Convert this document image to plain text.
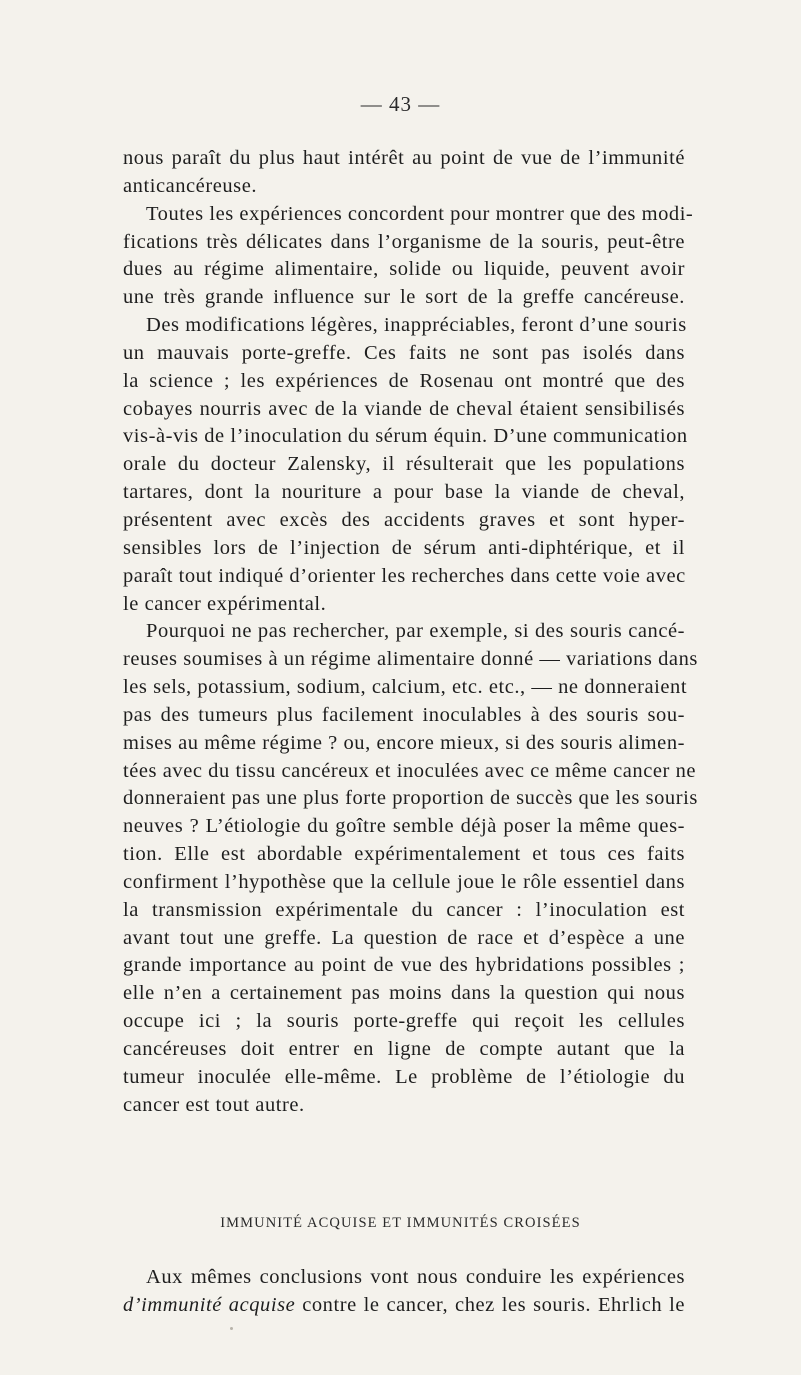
— 43 —
nous paraît du plus haut intérêt au point de vue de l’immunité
anticancéreuse.
Toutes les expériences concordent pour montrer que des modi-
fications très délicates dans l’organisme de la souris, peut-être
dues au régime alimentaire, solide ou liquide, peuvent avoir
une très grande influence sur le sort de la greffe cancéreuse.
Des modifications légères, inappréciables, feront d’une souris
un mauvais porte-greffe. Ces faits ne sont pas isolés dans
la science ; les expériences de Rosenau ont montré que des
cobayes nourris avec de la viande de cheval étaient sensibilisés
vis-à-vis de l’inoculation du sérum équin. D’une communication
orale du docteur Zalensky, il résulterait que les populations
tartares, dont la nouriture a pour base la viande de cheval,
présentent avec excès des accidents graves et sont hyper-
sensibles lors de l’injection de sérum anti-diphtérique, et il
paraît tout indiqué d’orienter les recherches dans cette voie avec
le cancer expérimental.
Pourquoi ne pas rechercher, par exemple, si des souris cancé-
reuses soumises à un régime alimentaire donné — variations dans
les sels, potassium, sodium, calcium, etc. etc., — ne donneraient
pas des tumeurs plus facilement inoculables à des souris sou-
mises au même régime ? ou, encore mieux, si des souris alimen-
tées avec du tissu cancéreux et inoculées avec ce même cancer ne
donneraient pas une plus forte proportion de succès que les souris
neuves ? L’étiologie du goître semble déjà poser la même ques-
tion. Elle est abordable expérimentalement et tous ces faits
confirment l’hypothèse que la cellule joue le rôle essentiel dans
la transmission expérimentale du cancer : l’inoculation est
avant tout une greffe. La question de race et d’espèce a une
grande importance au point de vue des hybridations possibles ;
elle n’en a certainement pas moins dans la question qui nous
occupe ici ; la souris porte-greffe qui reçoit les cellules
cancéreuses doit entrer en ligne de compte autant que la
tumeur inoculée elle-même. Le problème de l’étiologie du
cancer est tout autre.
IMMUNITÉ ACQUISE ET IMMUNITÉS CROISÉES
Aux mêmes conclusions vont nous conduire les expériences
d’immunité acquise contre le cancer, chez les souris. Ehrlich le
